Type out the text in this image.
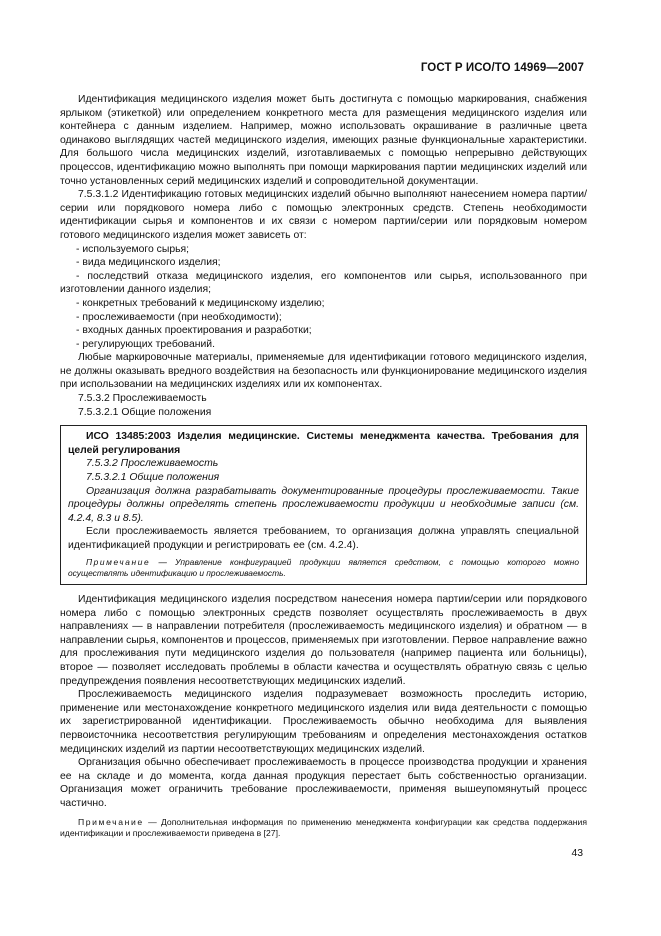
ГОСТ Р ИСО/ТО 14969—2007

Идентификация медицинского изделия может быть достигнута с помощью маркирования, снабжения ярлыком (этикеткой) или определением конкретного места для размещения медицинского изделия или контейнера с данным изделием. Например, можно использовать окрашивание в различные цвета одинаково выглядящих частей медицинского изделия, имеющих разные функциональные характеристики. Для большого числа медицинских изделий, изготавливаемых с помощью непрерывно действующих процессов, идентификацию можно выполнять при помощи маркирования партии медицинских изделий или точно установленных серий медицинских изделий и сопроводительной документации.

7.5.3.1.2 Идентификацию готовых медицинских изделий обычно выполняют нанесением номера партии/серии или порядкового номера либо с помощью электронных средств. Степень необходимости идентификации сырья и компонентов и их связи с номером партии/серии или порядковым номером готового медицинского изделия может зависеть от:

- используемого сырья;

- вида медицинского изделия;

- последствий отказа медицинского изделия, его компонентов или сырья, использованного при изготовлении данного изделия;

- конкретных требований к медицинскому изделию;

- прослеживаемости (при необходимости);

- входных данных проектирования и разработки;

- регулирующих требований.

Любые маркировочные материалы, применяемые для идентификации готового медицинского изделия, не должны оказывать вредного воздействия на безопасность или функционирование медицинского изделия при использовании на медицинских изделиях или их компонентах.

7.5.3.2 Прослеживаемость

7.5.3.2.1 Общие положения

ИСО 13485:2003 Изделия медицинские. Системы менеджмента качества. Требования для целей регулирования

7.5.3.2 Прослеживаемость

7.5.3.2.1 Общие положения

Организация должна разрабатывать документированные процедуры прослеживаемости. Такие процедуры должны определять степень прослеживаемости продукции и необходимые записи (см. 4.2.4, 8.3 и 8.5).

Если прослеживаемость является требованием, то организация должна управлять специальной идентификацией продукции и регистрировать ее (см. 4.2.4).

Примечание — Управление конфигурацией продукции является средством, с помощью которого можно осуществлять идентификацию и прослеживаемость.

Идентификация медицинского изделия посредством нанесения номера партии/серии или порядкового номера либо с помощью электронных средств позволяет осуществлять прослеживаемость в двух направлениях — в направлении потребителя (прослеживаемость медицинского изделия) и обратном — в направлении сырья, компонентов и процессов, применяемых при изготовлении. Первое направление важно для прослеживания пути медицинского изделия до пользователя (например пациента или больницы), второе — позволяет исследовать проблемы в области качества и осуществлять обратную связь с целью предупреждения появления несоответствующих медицинских изделий.

Прослеживаемость медицинского изделия подразумевает возможность проследить историю, применение или местонахождение конкретного медицинского изделия или вида деятельности с помощью их зарегистрированной идентификации. Прослеживаемость обычно необходима для выявления первоисточника несоответствия регулирующим требованиям и определения местонахождения остатков медицинских изделий из партии несоответствующих медицинских изделий.

Организация обычно обеспечивает прослеживаемость в процессе производства продукции и хранения ее на складе и до момента, когда данная продукция перестает быть собственностью организации. Организация может ограничить требование прослеживаемости, применяя вышеупомянутый процесс частично.

Примечание — Дополнительная информация по применению менеджмента конфигурации как средства поддержания идентификации и прослеживаемости приведена в [27].

43
